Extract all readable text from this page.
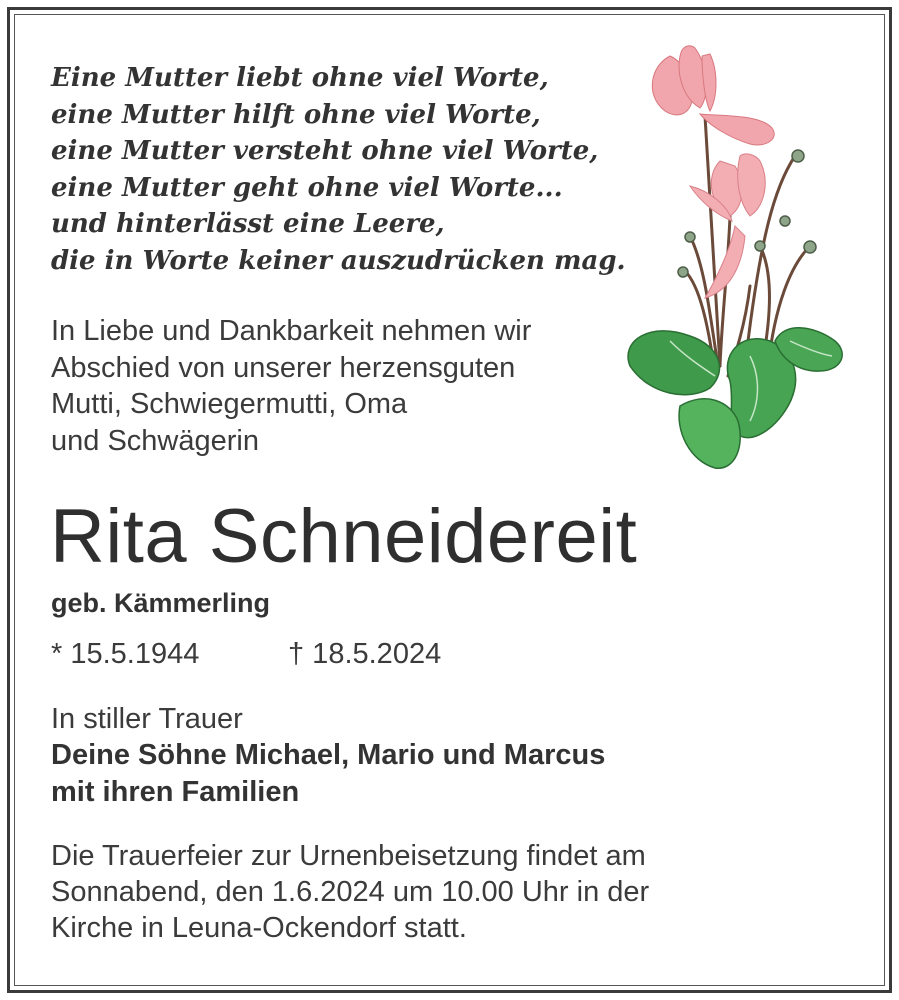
Eine Mutter liebt ohne viel Worte,
eine Mutter hilft ohne viel Worte,
eine Mutter versteht ohne viel Worte,
eine Mutter geht ohne viel Worte...
und hinterlässt eine Leere,
die in Worte keiner auszudrücken mag.
In Liebe und Dankbarkeit nehmen wir
Abschied von unserer herzensguten
Mutti, Schwiegermutti, Oma
und Schwägerin
Rita Schneidereit
geb. Kämmerling
* 15.5.1944	† 18.5.2024
In stiller Trauer
Deine Söhne Michael, Mario und Marcus
mit ihren Familien
Die Trauerfeier zur Urnenbeisetzung findet am
Sonnabend, den 1.6.2024 um 10.00 Uhr in der
Kirche in Leuna-Ockendorf statt.
